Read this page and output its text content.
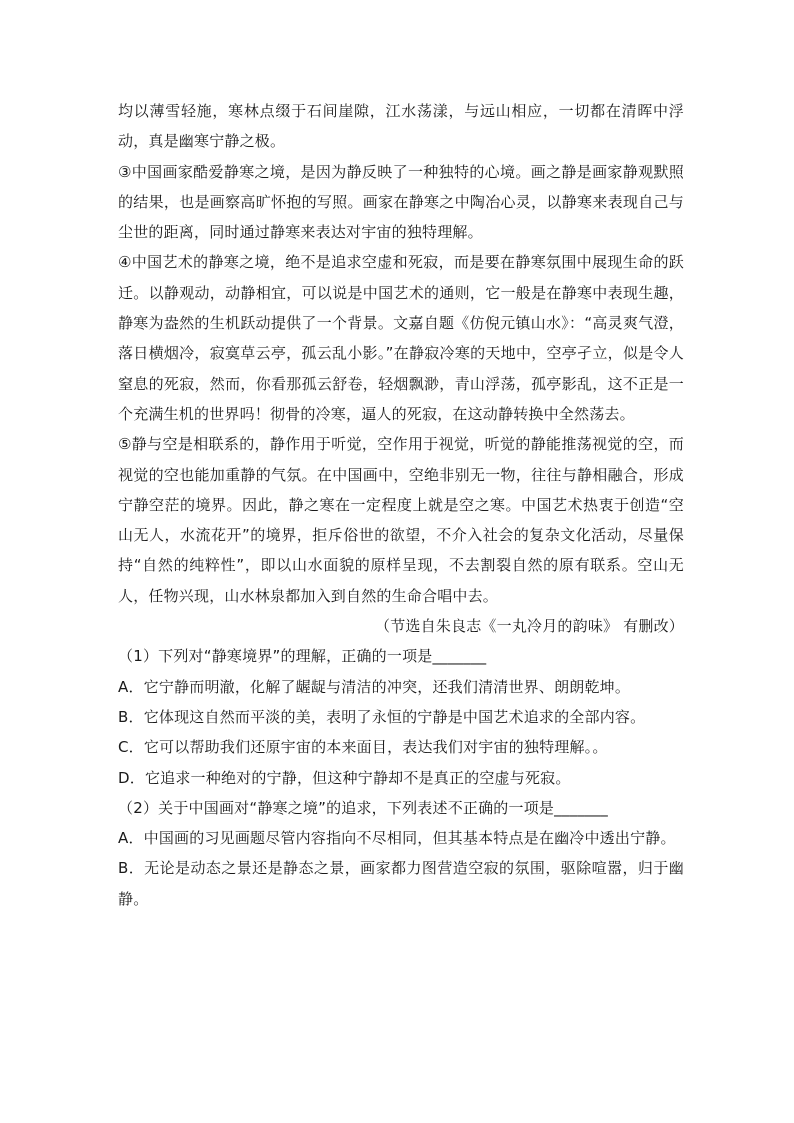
均以薄雪轻施，寒林点缀于石间崖隙，江水荡漾，与远山相应，一切都在清晖中浮动，真是幽寒宁静之极。

③中国画家酷爱静寒之境，是因为静反映了一种独特的心境。画之静是画家静观默照的结果，也是画察高旷怀抱的写照。画家在静寒之中陶冶心灵，以静寒来表现自己与尘世的距离，同时通过静寒来表达对宇宙的独特理解。

④中国艺术的静寒之境，绝不是追求空虚和死寂，而是要在静寒氛围中展现生命的跃迁。以静观动，动静相宜，可以说是中国艺术的通则，它一般是在静寒中表现生趣，静寒为盎然的生机跃动提供了一个背景。文嘉自题《仿倪元镇山水》：“高灵爽气澄，落日横烟冷，寂寞草云亭，孤云乱小影。”在静寂冷寒的天地中，空亭孑立，似是令人窒息的死寂，然而，你看那孤云舒卷，轻烟飘渺，青山浮荡，孤亭影乱，这不正是一个充满生机的世界吗！彻骨的冷寒，逼人的死寂，在这动静转换中全然荡去。

⑤静与空是相联系的，静作用于听觉，空作用于视觉，听觉的静能推荡视觉的空，而视觉的空也能加重静的气氛。在中国画中，空绝非别无一物，往往与静相融合，形成宁静空茫的境界。因此，静之寒在一定程度上就是空之寒。中国艺术热衷于创造“空山无人，水流花开”的境界，拒斥俗世的欲望，不介入社会的复杂文化活动，尽量保持“自然的纯粹性”，即以山水面貌的原样呈现，不去割裂自然的原有联系。空山无人，任物兴现，山水林泉都加入到自然的生命合唱中去。

（节选自朱良志《一丸冷月的韵味》 有删改）

（1）下列对“静寒境界”的理解，正确的一项是_______

A．它宁静而明澈，化解了龌龊与清洁的冲突，还我们清清世界、朗朗乾坤。

B．它体现这自然而平淡的美，表明了永恒的宁静是中国艺术追求的全部内容。

C．它可以帮助我们还原宇宙的本来面目，表达我们对宇宙的独特理解。。

D．它追求一种绝对的宁静，但这种宁静却不是真正的空虚与死寂。

（2）关于中国画对“静寒之境”的追求，下列表述不正确的一项是_______

A．中国画的习见画题尽管内容指向不尽相同，但其基本特点是在幽冷中透出宁静。

B．无论是动态之景还是静态之景，画家都力图营造空寂的氛围，驱除喧嚣，归于幽静。
